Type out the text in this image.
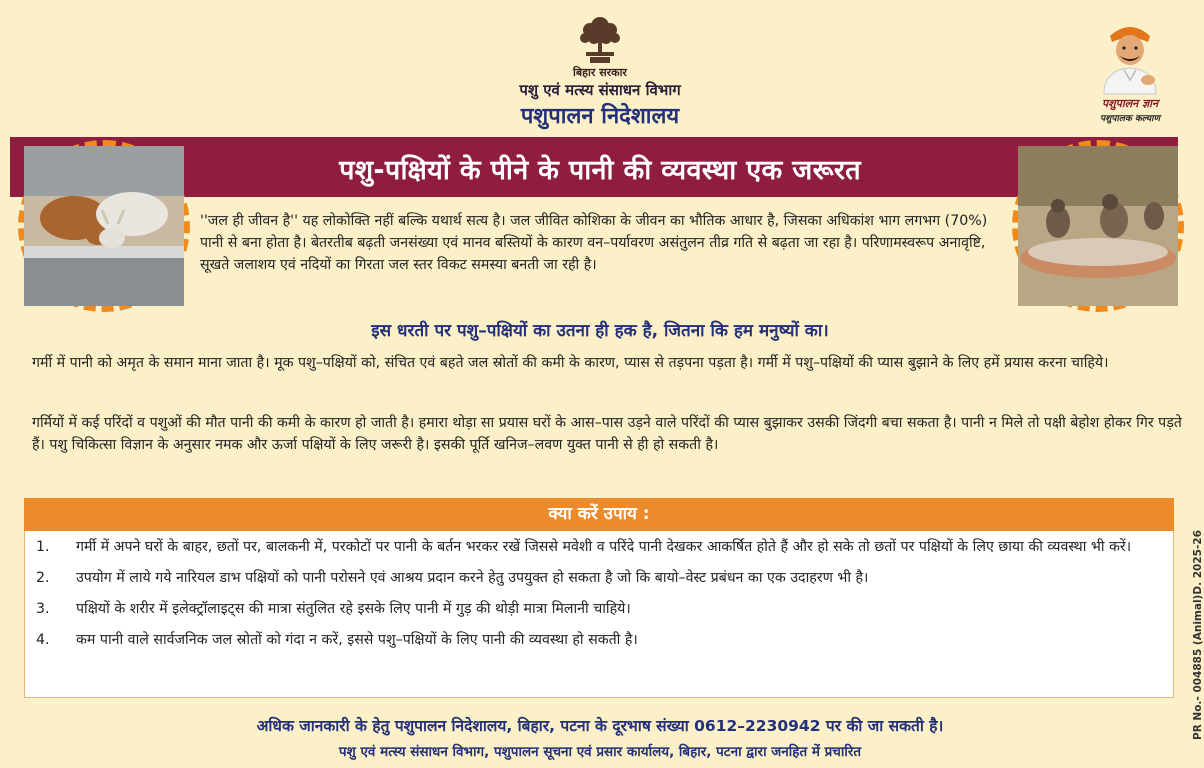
बिहार सरकार
पशु एवं मत्स्य संसाधन विभाग
पशुपालन निदेशालय
पशुपालन ज्ञान
पशुपालक कल्याण
पशु-पक्षियों के पीने के पानी की व्यवस्था एक जरूरत
''जल ही जीवन है'' यह लोकोक्ति नहीं बल्कि यथार्थ सत्य है। जल जीवित कोशिका के जीवन का भौतिक आधार है, जिसका अधिकांश भाग लगभग (70%) पानी से बना होता है। बेतरतीब बढ़ती जनसंख्या एवं मानव बस्तियों के कारण वन–पर्यावरण असंतुलन तीव्र गति से बढ़ता जा रहा है। परिणामस्वरूप अनावृष्टि, सूखते जलाशय एवं नदियों का गिरता जल स्तर विकट समस्या बनती जा रही है।
इस धरती पर पशु–पक्षियों का उतना ही हक है, जितना कि हम मनुष्यों का।
गर्मी में पानी को अमृत के समान माना जाता है। मूक पशु–पक्षियों को, संचित एवं बहते जल स्रोतों की कमी के कारण, प्यास से तड़पना पड़ता है। गर्मी में पशु–पक्षियों की प्यास बुझाने के लिए हमें प्रयास करना चाहिये।
गर्मियों में कई परिंदों व पशुओं की मौत पानी की कमी के कारण हो जाती है। हमारा थोड़ा सा प्रयास घरों के आस–पास उड़ने वाले परिंदों की प्यास बुझाकर उसकी जिंदगी बचा सकता है। पानी न मिले तो पक्षी बेहोश होकर गिर पड़ते हैं। पशु चिकित्सा विज्ञान के अनुसार नमक और ऊर्जा पक्षियों के लिए जरूरी है। इसकी पूर्ति खनिज–लवण युक्त पानी से ही हो सकती है।
क्या करें उपाय :
1.	गर्मी में अपने घरों के बाहर, छतों पर, बालकनी में, परकोटों पर पानी के बर्तन भरकर रखें जिससे मवेशी व परिंदे पानी देखकर आकर्षित होते हैं और हो सके तो छतों पर पक्षियों के लिए छाया की व्यवस्था भी करें।
2.	उपयोग में लाये गये नारियल डाभ पक्षियों को पानी परोसने एवं आश्रय प्रदान करने हेतु उपयुक्त हो सकता है जो कि बायो–वेस्ट प्रबंधन का एक उदाहरण भी है।
3.	पक्षियों के शरीर में इलेक्ट्रॉलाइट्स की मात्रा संतुलित रहे इसके लिए पानी में गुड़ की थोड़ी मात्रा मिलानी चाहिये।
4.	कम पानी वाले सार्वजनिक जल स्रोतों को गंदा न करें, इससे पशु–पक्षियों के लिए पानी की व्यवस्था हो सकती है।
अधिक जानकारी के हेतु पशुपालन निदेशालय, बिहार, पटना के दूरभाष संख्या 0612–2230942 पर की जा सकती है।
पशु एवं मत्स्य संसाधन विभाग, पशुपालन सूचना एवं प्रसार कार्यालय, बिहार, पटना द्वारा जनहित में प्रचारित
PR No.- 004885 (Animal)D. 2025-26
